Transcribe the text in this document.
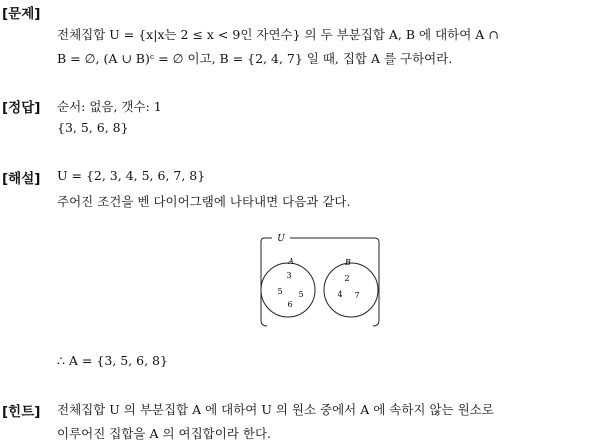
[문제]
전체집합 U = {x|x는 2 ≤ x < 9인 자연수} 의 두 부분집합 A, B 에 대하여 A ∩
B = ∅, (A ∪ B)ᶜ = ∅ 이고, B = {2, 4, 7} 일 때, 집합 A 를 구하여라.
[정답] 순서: 없음, 갯수: 1
{3, 5, 6, 8}
[해설] U = {2, 3, 4, 5, 6, 7, 8}
주어진 조건을 벤 다이어그램에 나타내면 다음과 같다.
U
A
3
5 5
6
B
2
4 7
∴ A = {3, 5, 6, 8}
[힌트] 전체집합 U 의 부분집합 A 에 대하여 U 의 원소 중에서 A 에 속하지 않는 원소로
이루어진 집합을 A 의 여집합이라 한다.
